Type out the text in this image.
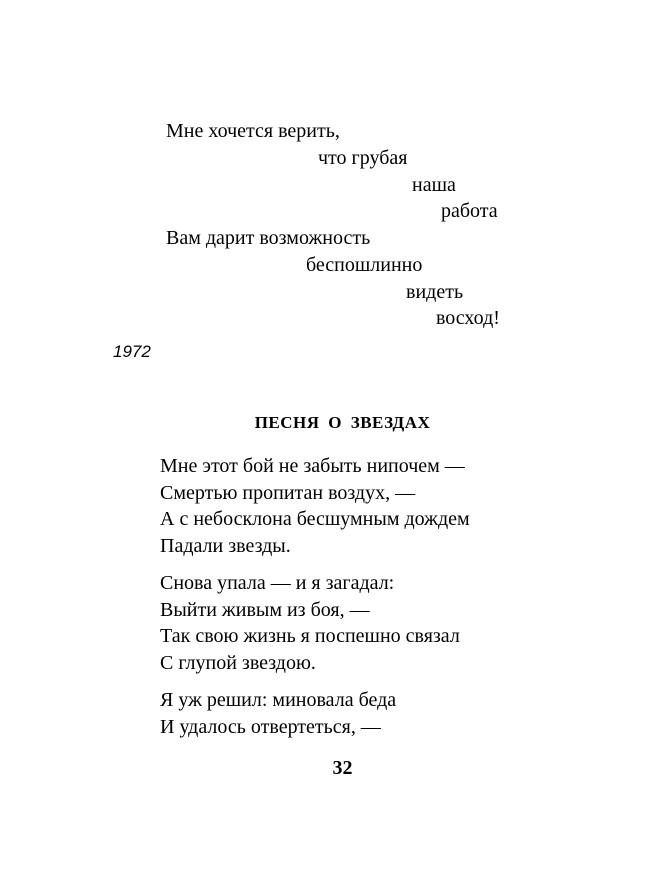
Мне хочется верить,
что грубая
наша
работа
Вам дарит возможность
беспошлинно
видеть
восход!
1972
ПЕСНЯ О ЗВЕЗДАХ
Мне этот бой не забыть нипочем —
Смертью пропитан воздух, —
А с небосклона бесшумным дождем
Падали звезды.
Снова упала — и я загадал:
Выйти живым из боя, —
Так свою жизнь я поспешно связал
С глупой звездою.
Я уж решил: миновала беда
И удалось отвертеться, —
32
